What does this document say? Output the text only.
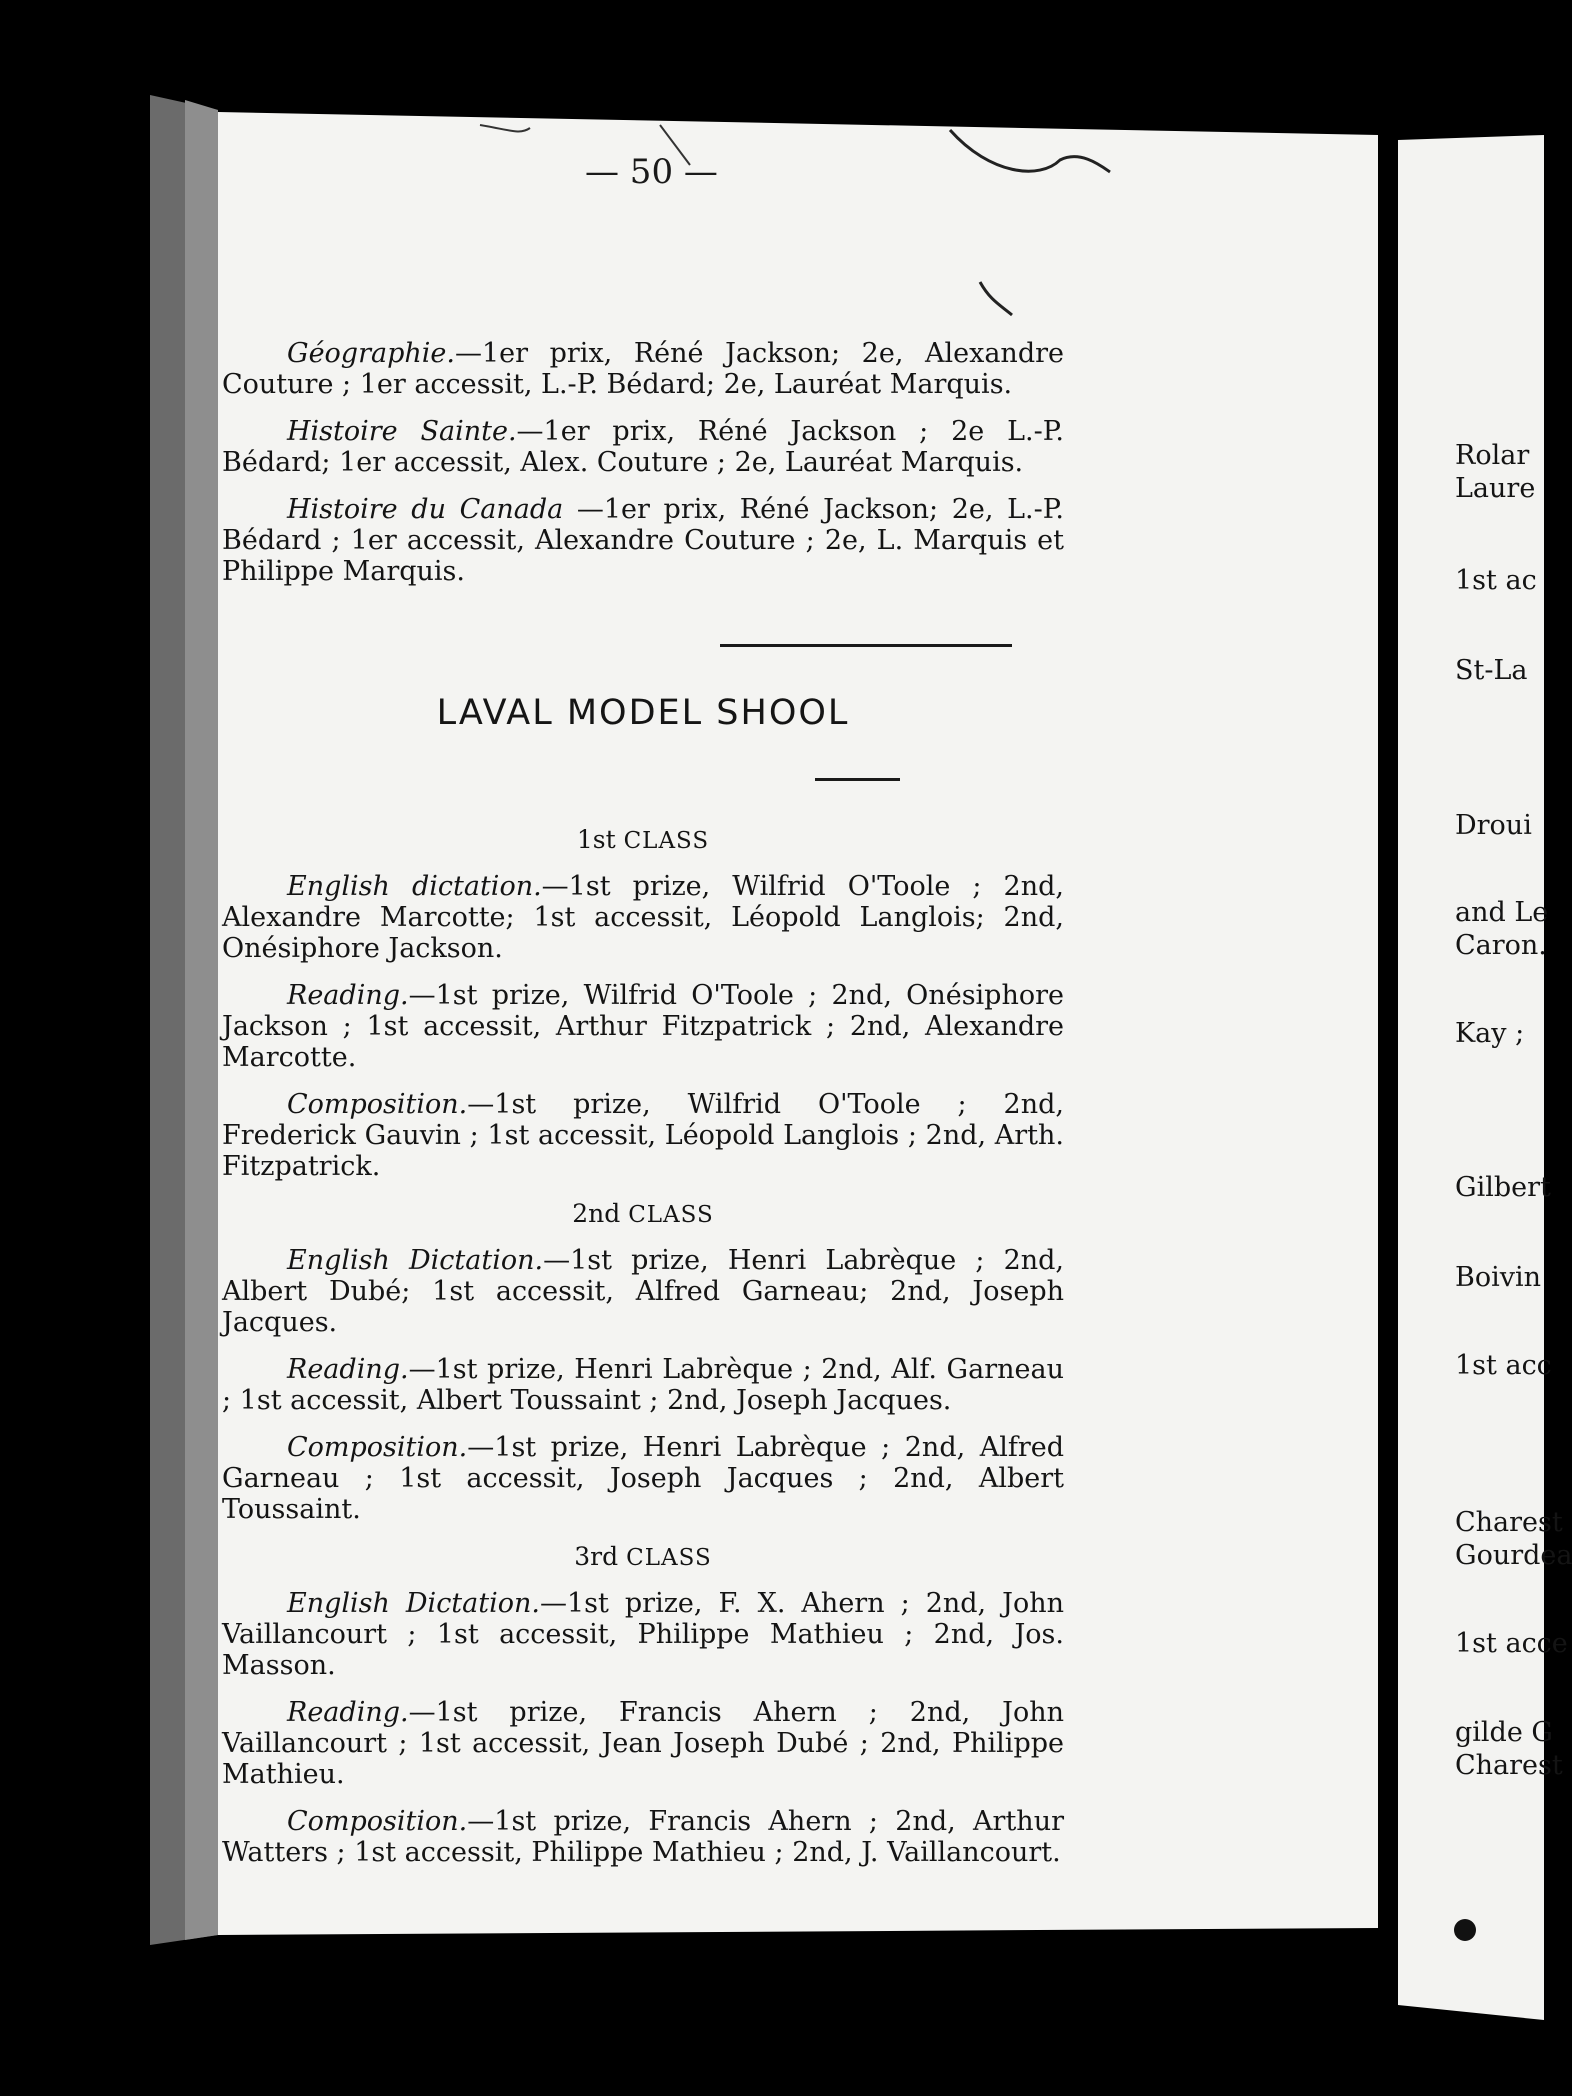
— 50 —

Géographie.—1er prix, Réné Jackson; 2e, Alexandre Couture ; 1er accessit, L.-P. Bédard; 2e, Lauréat Marquis.

Histoire Sainte.—1er prix, Réné Jackson ; 2e L.-P. Bédard; 1er accessit, Alex. Couture ; 2e, Lauréat Marquis.

Histoire du Canada —1er prix, Réné Jackson; 2e, L.-P. Bédard ; 1er accessit, Alexandre Couture ; 2e, L. Marquis et Philippe Marquis.

LAVAL MODEL SHOOL
1st CLASS

English dictation.—1st prize, Wilfrid O'Toole ; 2nd, Alexandre Marcotte; 1st accessit, Léopold Langlois; 2nd, Onésiphore Jackson.

Reading.—1st prize, Wilfrid O'Toole ; 2nd, Onésiphore Jackson ; 1st accessit, Arthur Fitzpatrick ; 2nd, Alexandre Marcotte.

Composition.—1st prize, Wilfrid O'Toole ; 2nd, Frederick Gauvin ; 1st accessit, Léopold Langlois ; 2nd, Arth. Fitzpatrick.

2nd CLASS

English Dictation.—1st prize, Henri Labrèque ; 2nd, Albert Dubé; 1st accessit, Alfred Garneau; 2nd, Joseph Jacques.

Reading.—1st prize, Henri Labrèque ; 2nd, Alf. Garneau ; 1st accessit, Albert Toussaint ; 2nd, Joseph Jacques.

Composition.—1st prize, Henri Labrèque ; 2nd, Alfred Garneau ; 1st accessit, Joseph Jacques ; 2nd, Albert Toussaint.

3rd CLASS

English Dictation.—1st prize, F. X. Ahern ; 2nd, John Vaillancourt ; 1st accessit, Philippe Mathieu ; 2nd, Jos. Masson.

Reading.—1st prize, Francis Ahern ; 2nd, John Vaillancourt ; 1st accessit, Jean Joseph Dubé ; 2nd, Philippe Mathieu.

Composition.—1st prize, Francis Ahern ; 2nd, Arthur Watters ; 1st accessit, Philippe Mathieu ; 2nd, J. Vaillancourt.

Rolar
Laure
1st ac
St-La
Droui
and Le
Caron.
Kay ;
Gilbert
Boivin
1st acc
Charest
Gourdea
1st acce
gilde G
Charest
